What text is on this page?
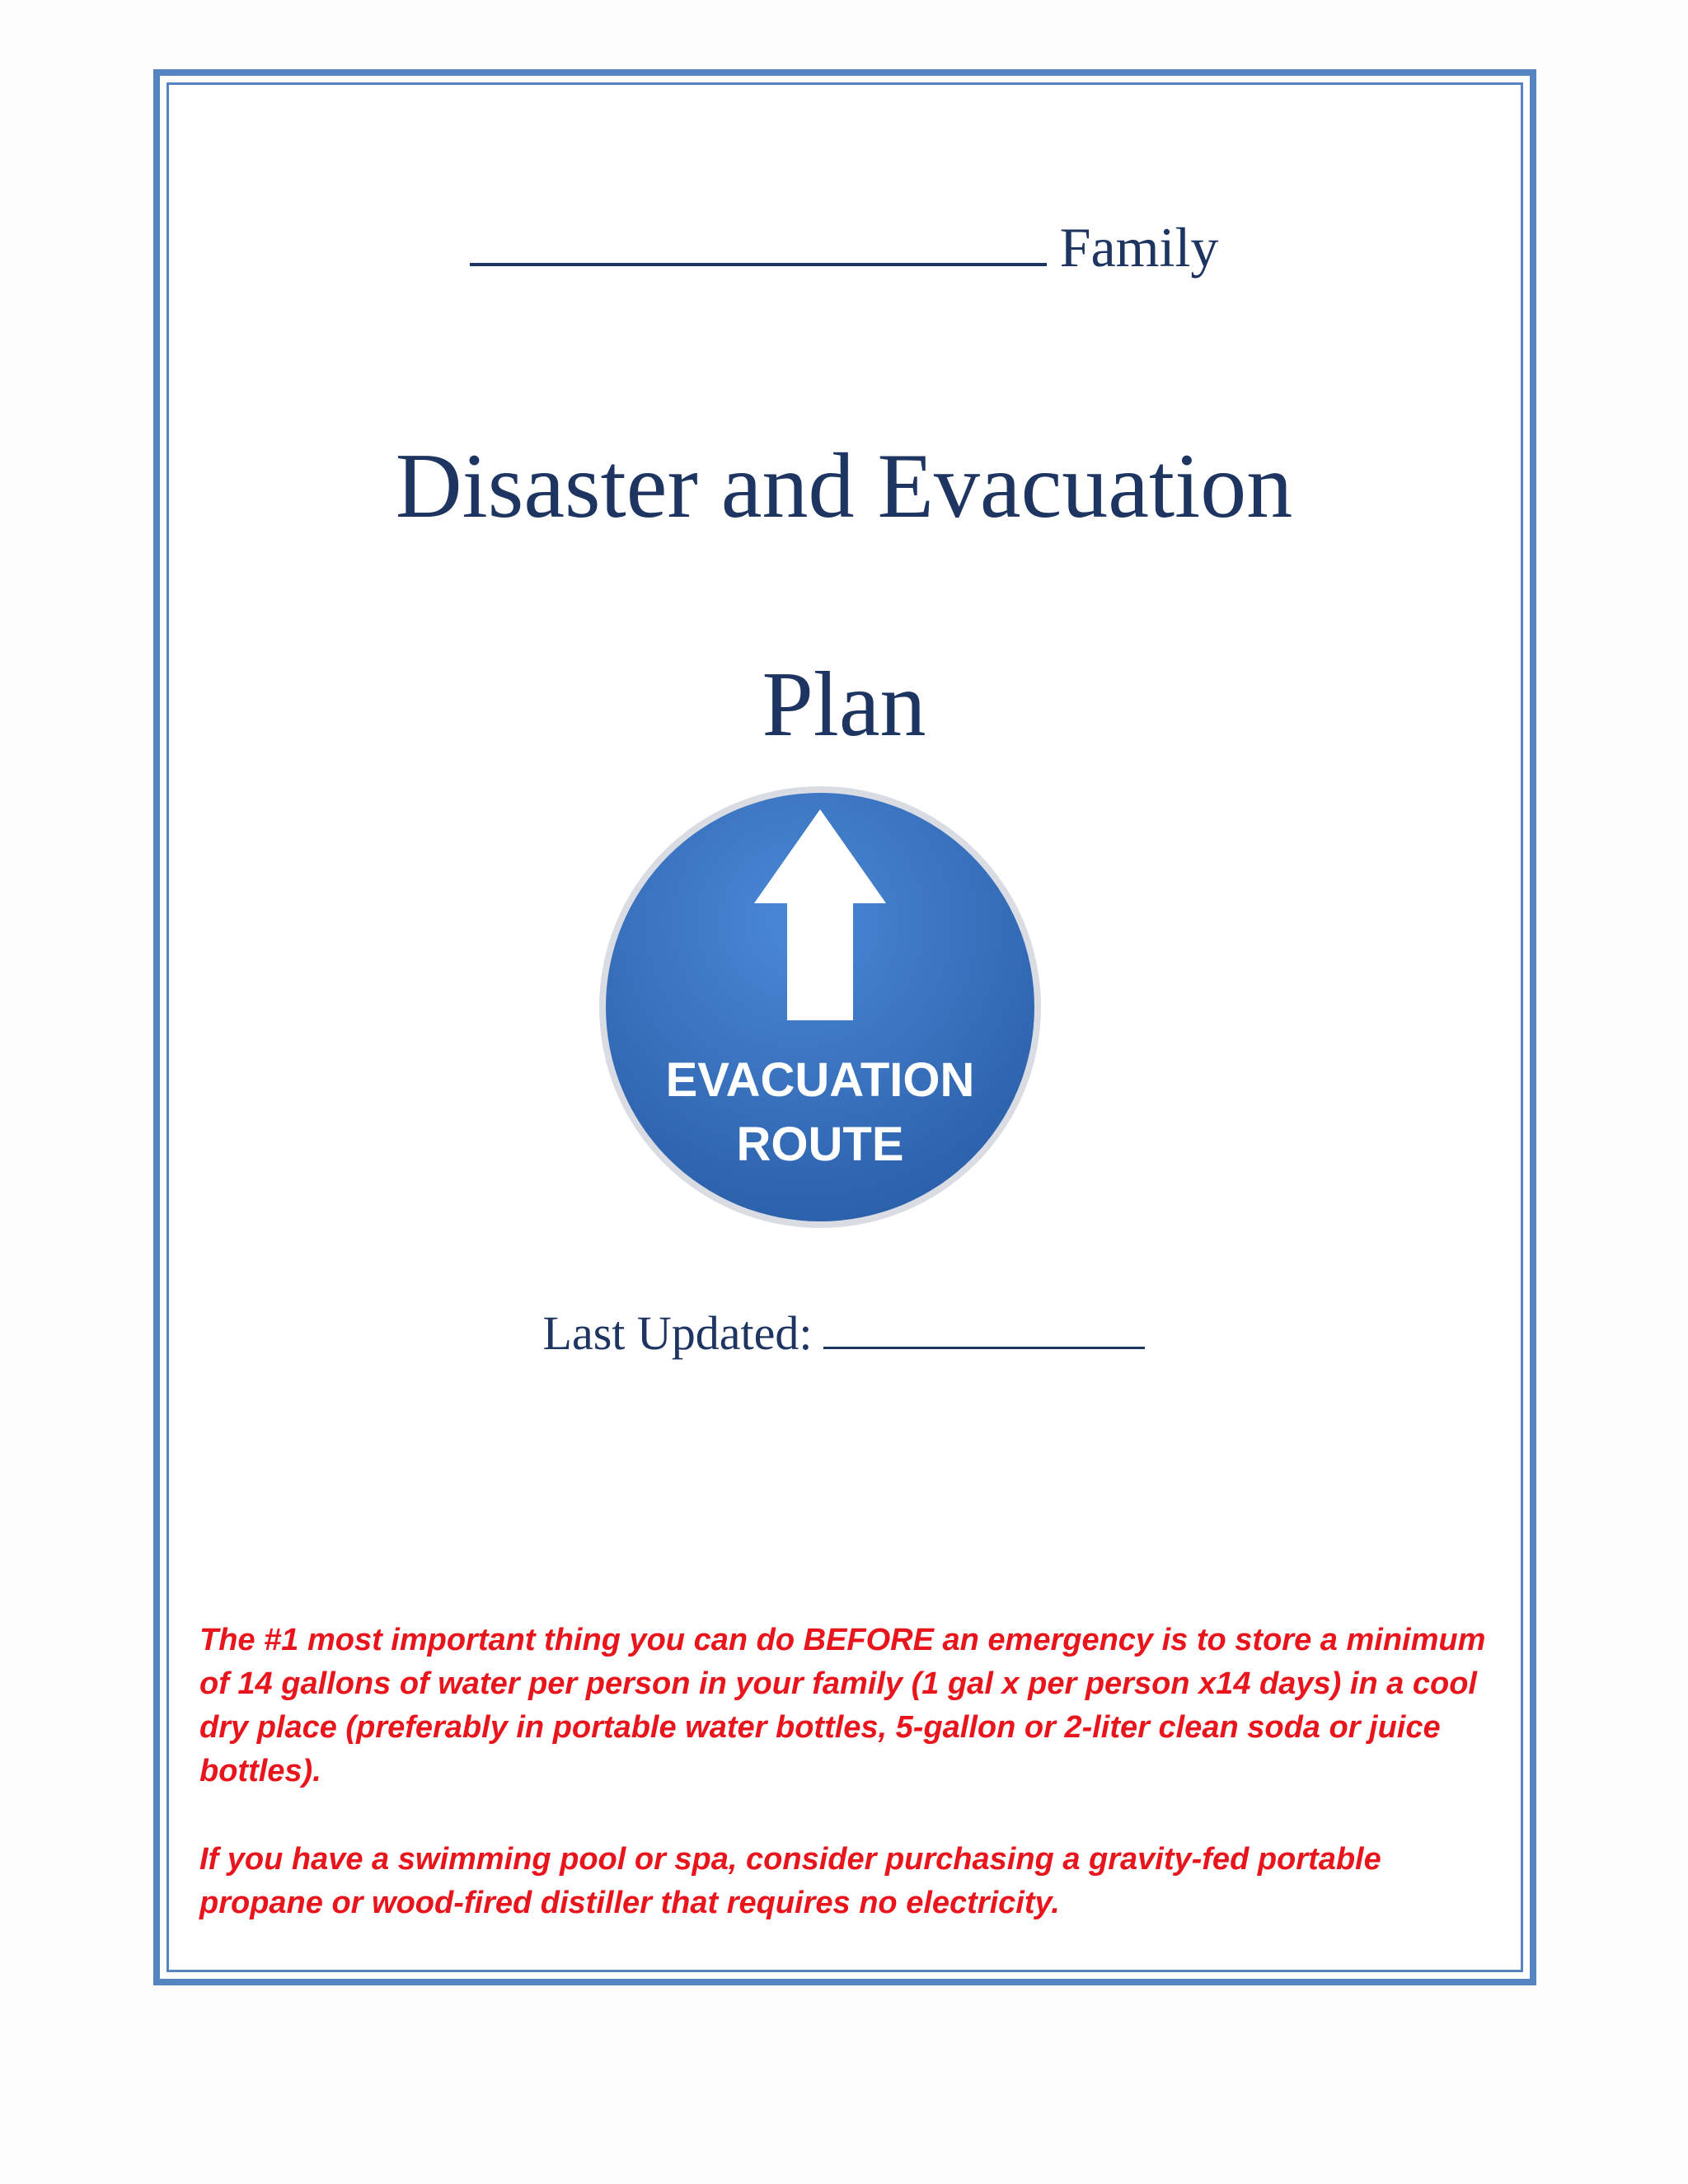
Family
Disaster and Evacuation
Plan
EVACUATION
ROUTE
Last Updated:

The #1 most important thing you can do BEFORE an emergency is to store a minimum of 14 gallons of water per person in your family (1 gal x per person x14 days) in a cool dry place (preferably in portable water bottles, 5-gallon or 2-liter clean soda or juice bottles).

If you have a swimming pool or spa, consider purchasing a gravity-fed portable propane or wood-fired distiller that requires no electricity.
